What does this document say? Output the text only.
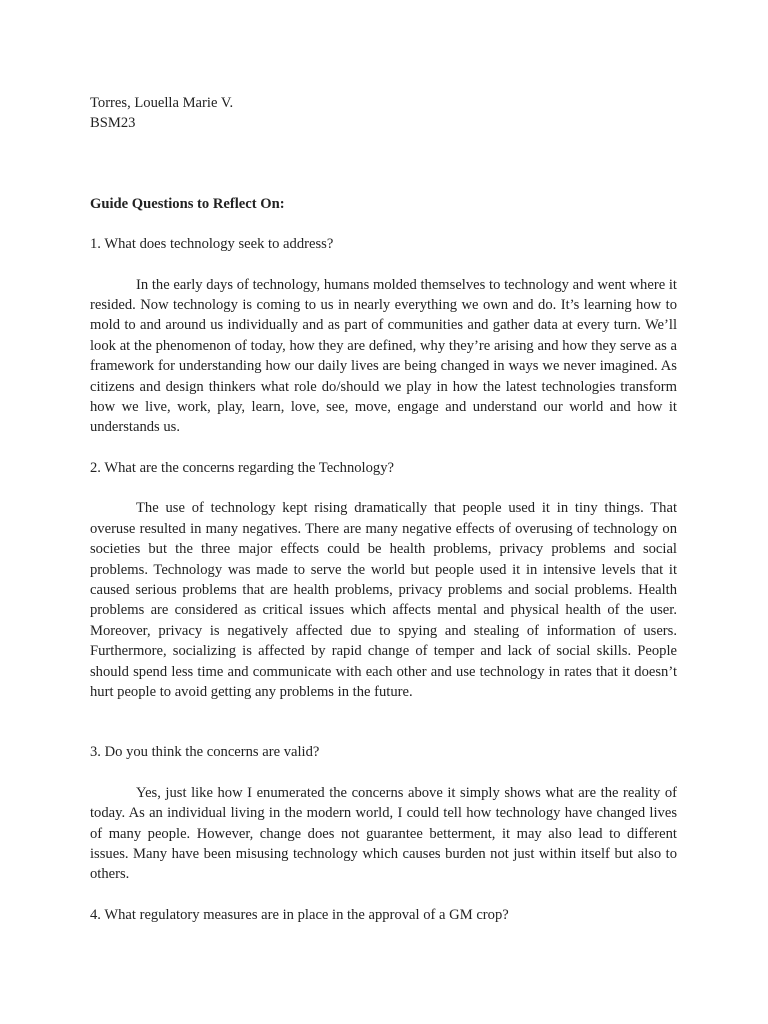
Torres, Louella Marie V.

BSM23

Guide Questions to Reflect On:

1. What does technology seek to address?

In the early days of technology, humans molded themselves to technology and went where it resided. Now technology is coming to us in nearly everything we own and do. It’s learning how to mold to and around us individually and as part of communities and gather data at every turn. We’ll look at the phenomenon of today, how they are defined, why they’re arising and how they serve as a framework for understanding how our daily lives are being changed in ways we never imagined. As citizens and design thinkers what role do/should we play in how the latest technologies transform how we live, work, play, learn, love, see, move, engage and understand our world and how it understands us.

2. What are the concerns regarding the Technology?

The use of technology kept rising dramatically that people used it in tiny things. That overuse resulted in many negatives. There are many negative effects of overusing of technology on societies but the three major effects could be health problems, privacy problems and social problems. Technology was made to serve the world but people used it in intensive levels that it caused serious problems that are health problems, privacy problems and social problems. Health problems are considered as critical issues which affects mental and physical health of the user. Moreover, privacy is negatively affected due to spying and stealing of information of users. Furthermore, socializing is affected by rapid change of temper and lack of social skills. People should spend less time and communicate with each other and use technology in rates that it doesn’t hurt people to avoid getting any problems in the future.

3. Do you think the concerns are valid?

Yes, just like how I enumerated the concerns above it simply shows what are the reality of today. As an individual living in the modern world, I could tell how technology have changed lives of many people. However, change does not guarantee betterment, it may also lead to different issues. Many have been misusing technology which causes burden not just within itself but also to others.

4. What regulatory measures are in place in the approval of a GM crop?
